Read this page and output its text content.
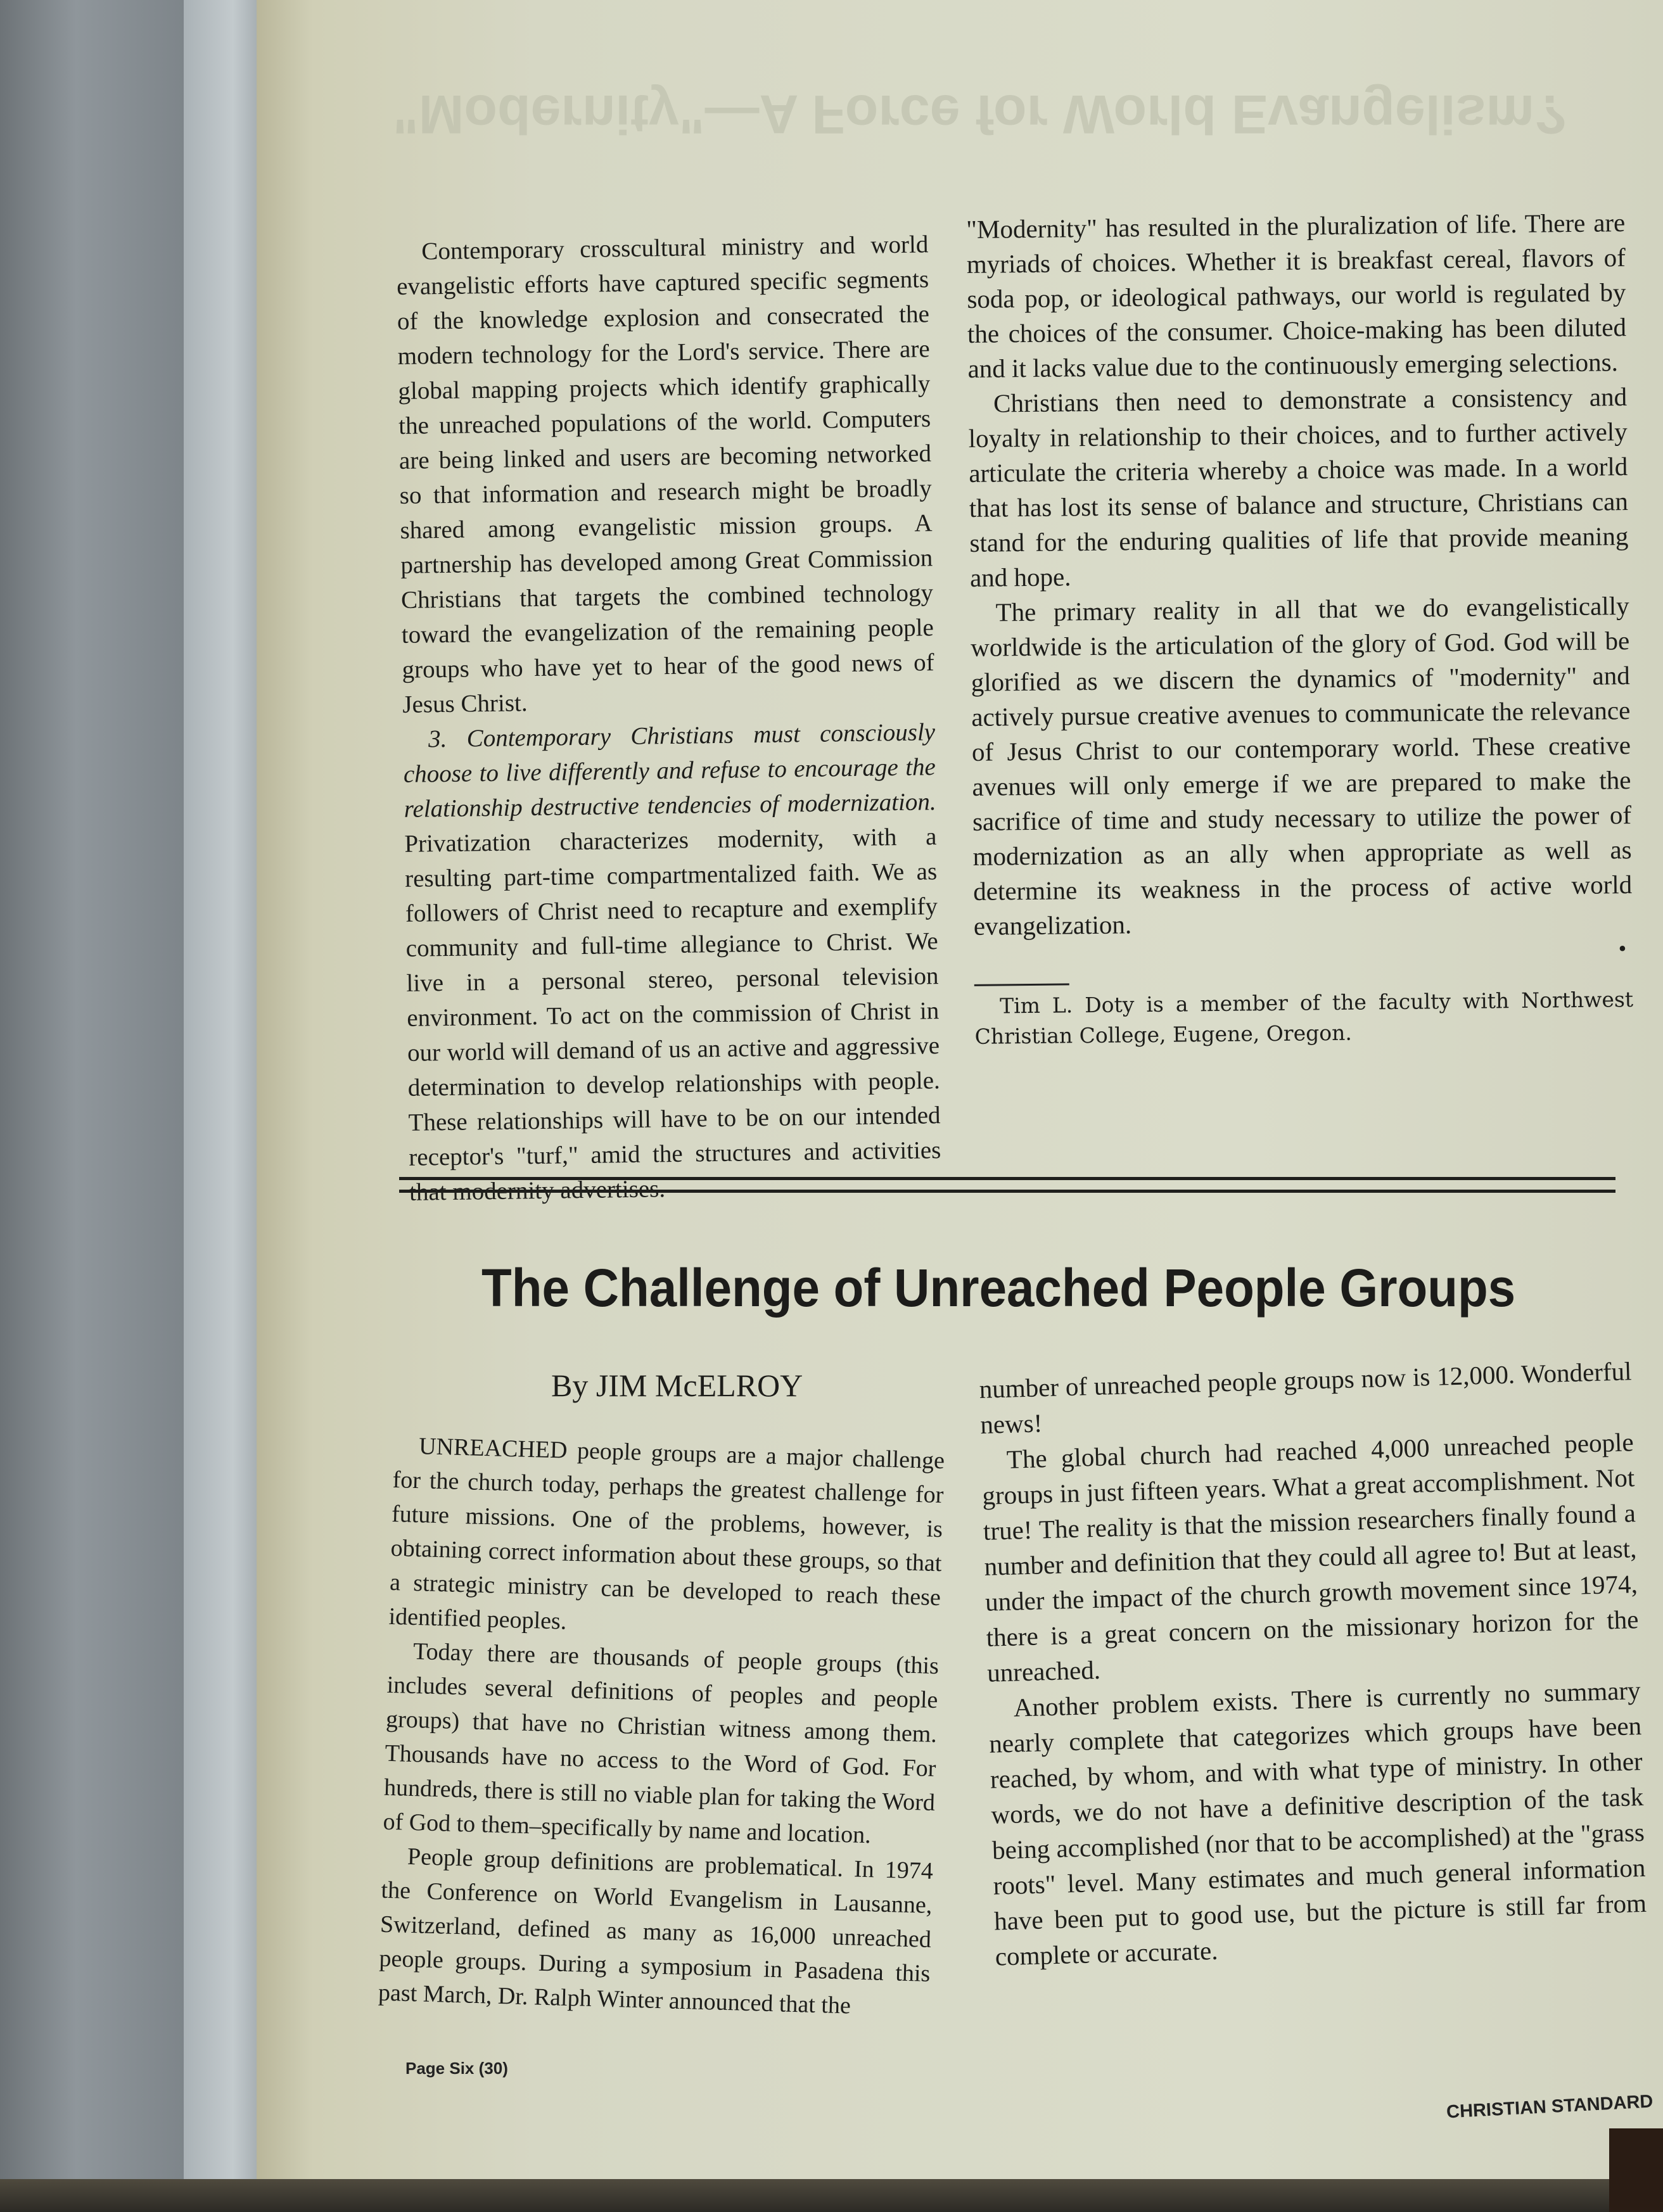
"Modernity"—A Force for World Evangelism?

Contemporary crosscultural ministry and world evangelistic efforts have captured specific segments of the knowledge explosion and consecrated the modern technology for the Lord's service. There are global mapping projects which identify graphically the unreached populations of the world. Computers are being linked and users are becoming networked so that information and research might be broadly shared among evangelistic mission groups. A partnership has developed among Great Commission Christians that targets the combined technology toward the evangelization of the remaining people groups who have yet to hear of the good news of Jesus Christ.

3. Contemporary Christians must consciously choose to live differently and refuse to encourage the relationship destructive tendencies of modernization. Privatization characterizes modernity, with a resulting part-time compartmentalized faith. We as followers of Christ need to recapture and exemplify community and full-time allegiance to Christ. We live in a personal stereo, personal television environment. To act on the commission of Christ in our world will demand of us an active and aggressive determination to develop relationships with people. These relationships will have to be on our intended receptor's "turf," amid the structures and activities that modernity advertises.

"Modernity" has resulted in the pluralization of life. There are myriads of choices. Whether it is breakfast cereal, flavors of soda pop, or ideological pathways, our world is regulated by the choices of the consumer. Choice-making has been diluted and it lacks value due to the continuously emerging selections.

Christians then need to demonstrate a consistency and loyalty in relationship to their choices, and to further actively articulate the criteria whereby a choice was made. In a world that has lost its sense of balance and structure, Christians can stand for the enduring qualities of life that provide meaning and hope.

The primary reality in all that we do evangelistically worldwide is the articulation of the glory of God. God will be glorified as we discern the dynamics of "modernity" and actively pursue creative avenues to communicate the relevance of Jesus Christ to our contemporary world. These creative avenues will only emerge if we are prepared to make the sacrifice of time and study necessary to utilize the power of modernization as an ally when appropriate as well as determine its weakness in the process of active world evangelization.

•

Tim L. Doty is a member of the faculty with Northwest Christian College, Eugene, Oregon.

The Challenge of Unreached People Groups
By JIM McELROY

UNREACHED people groups are a major challenge for the church today, perhaps the greatest challenge for future missions. One of the problems, however, is obtaining correct information about these groups, so that a strategic ministry can be developed to reach these identified peoples.

Today there are thousands of people groups (this includes several definitions of peoples and people groups) that have no Christian witness among them. Thousands have no access to the Word of God. For hundreds, there is still no viable plan for taking the Word of God to them–specifically by name and location.

People group definitions are problematical. In 1974 the Conference on World Evangelism in Lausanne, Switzerland, defined as many as 16,000 unreached people groups. During a symposium in Pasadena this past March, Dr. Ralph Winter announced that the

number of unreached people groups now is 12,000. Wonderful news!

The global church had reached 4,000 unreached people groups in just fifteen years. What a great accomplishment. Not true! The reality is that the mission researchers finally found a number and definition that they could all agree to! But at least, under the impact of the church growth movement since 1974, there is a great concern on the missionary horizon for the unreached.

Another problem exists. There is currently no summary nearly complete that categorizes which groups have been reached, by whom, and with what type of ministry. In other words, we do not have a definitive description of the task being accomplished (nor that to be accomplished) at the "grass roots" level. Many estimates and much general information have been put to good use, but the picture is still far from complete or accurate.

Page Six (30)
CHRISTIAN STANDARD
